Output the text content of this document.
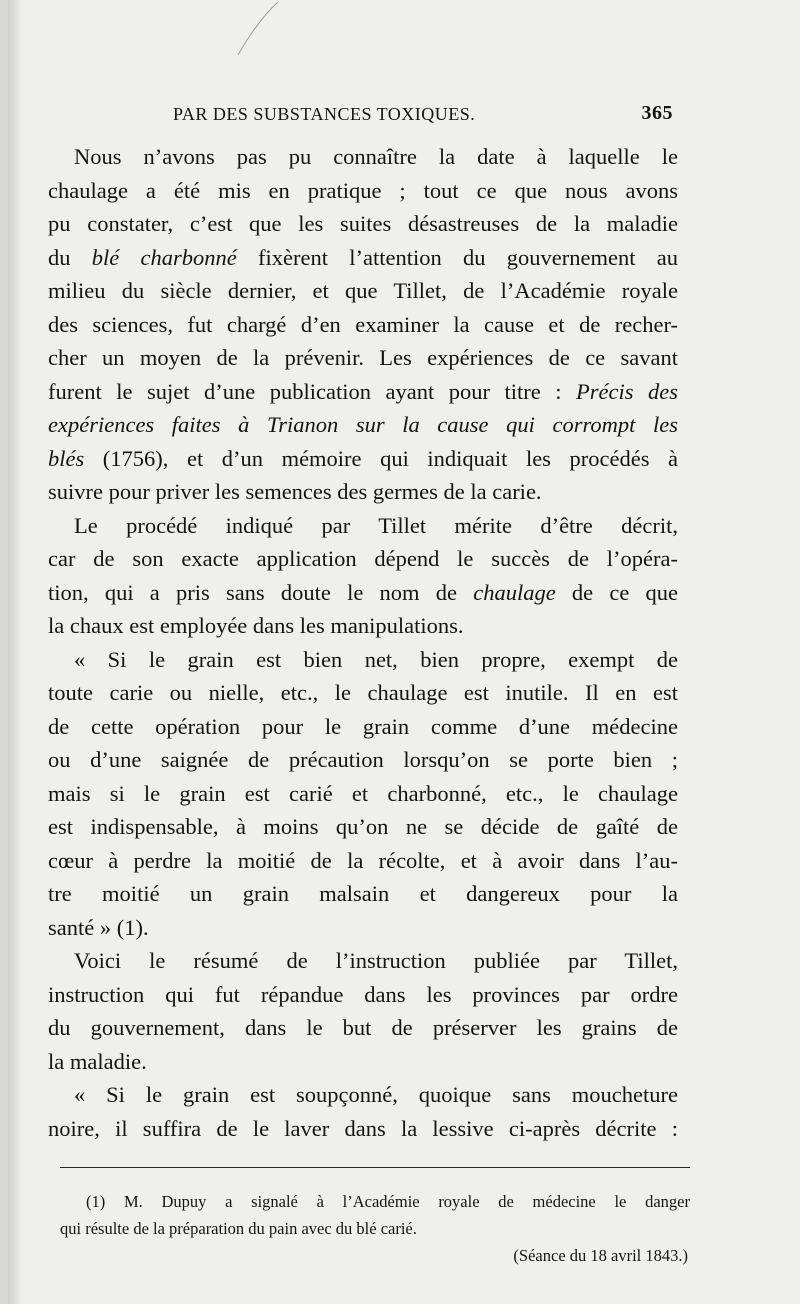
PAR DES SUBSTANCES TOXIQUES.	365
Nous n’avons pas pu connaître la date à laquelle le
chaulage a été mis en pratique ; tout ce que nous avons
pu constater, c’est que les suites désastreuses de la maladie
du blé charbonné fixèrent l’attention du gouvernement au
milieu du siècle dernier, et que Tillet, de l’Académie royale
des sciences, fut chargé d’en examiner la cause et de recher-
cher un moyen de la prévenir. Les expériences de ce savant
furent le sujet d’une publication ayant pour titre : Précis des
expériences faites à Trianon sur la cause qui corrompt les
blés (1756), et d’un mémoire qui indiquait les procédés à
suivre pour priver les semences des germes de la carie.
Le procédé indiqué par Tillet mérite d’être décrit,
car de son exacte application dépend le succès de l’opéra-
tion, qui a pris sans doute le nom de chaulage de ce que
la chaux est employée dans les manipulations.
« Si le grain est bien net, bien propre, exempt de
toute carie ou nielle, etc., le chaulage est inutile. Il en est
de cette opération pour le grain comme d’une médecine
ou d’une saignée de précaution lorsqu’on se porte bien ;
mais si le grain est carié et charbonné, etc., le chaulage
est indispensable, à moins qu’on ne se décide de gaîté de
cœur à perdre la moitié de la récolte, et à avoir dans l’au-
tre moitié un grain malsain et dangereux pour la
santé » (1).
Voici le résumé de l’instruction publiée par Tillet,
instruction qui fut répandue dans les provinces par ordre
du gouvernement, dans le but de préserver les grains de
la maladie.
« Si le grain est soupçonné, quoique sans moucheture
noire, il suffira de le laver dans la lessive ci-après décrite :
(1) M. Dupuy a signalé à l’Académie royale de médecine le danger
qui résulte de la préparation du pain avec du blé carié.
(Séance du 18 avril 1843.)
